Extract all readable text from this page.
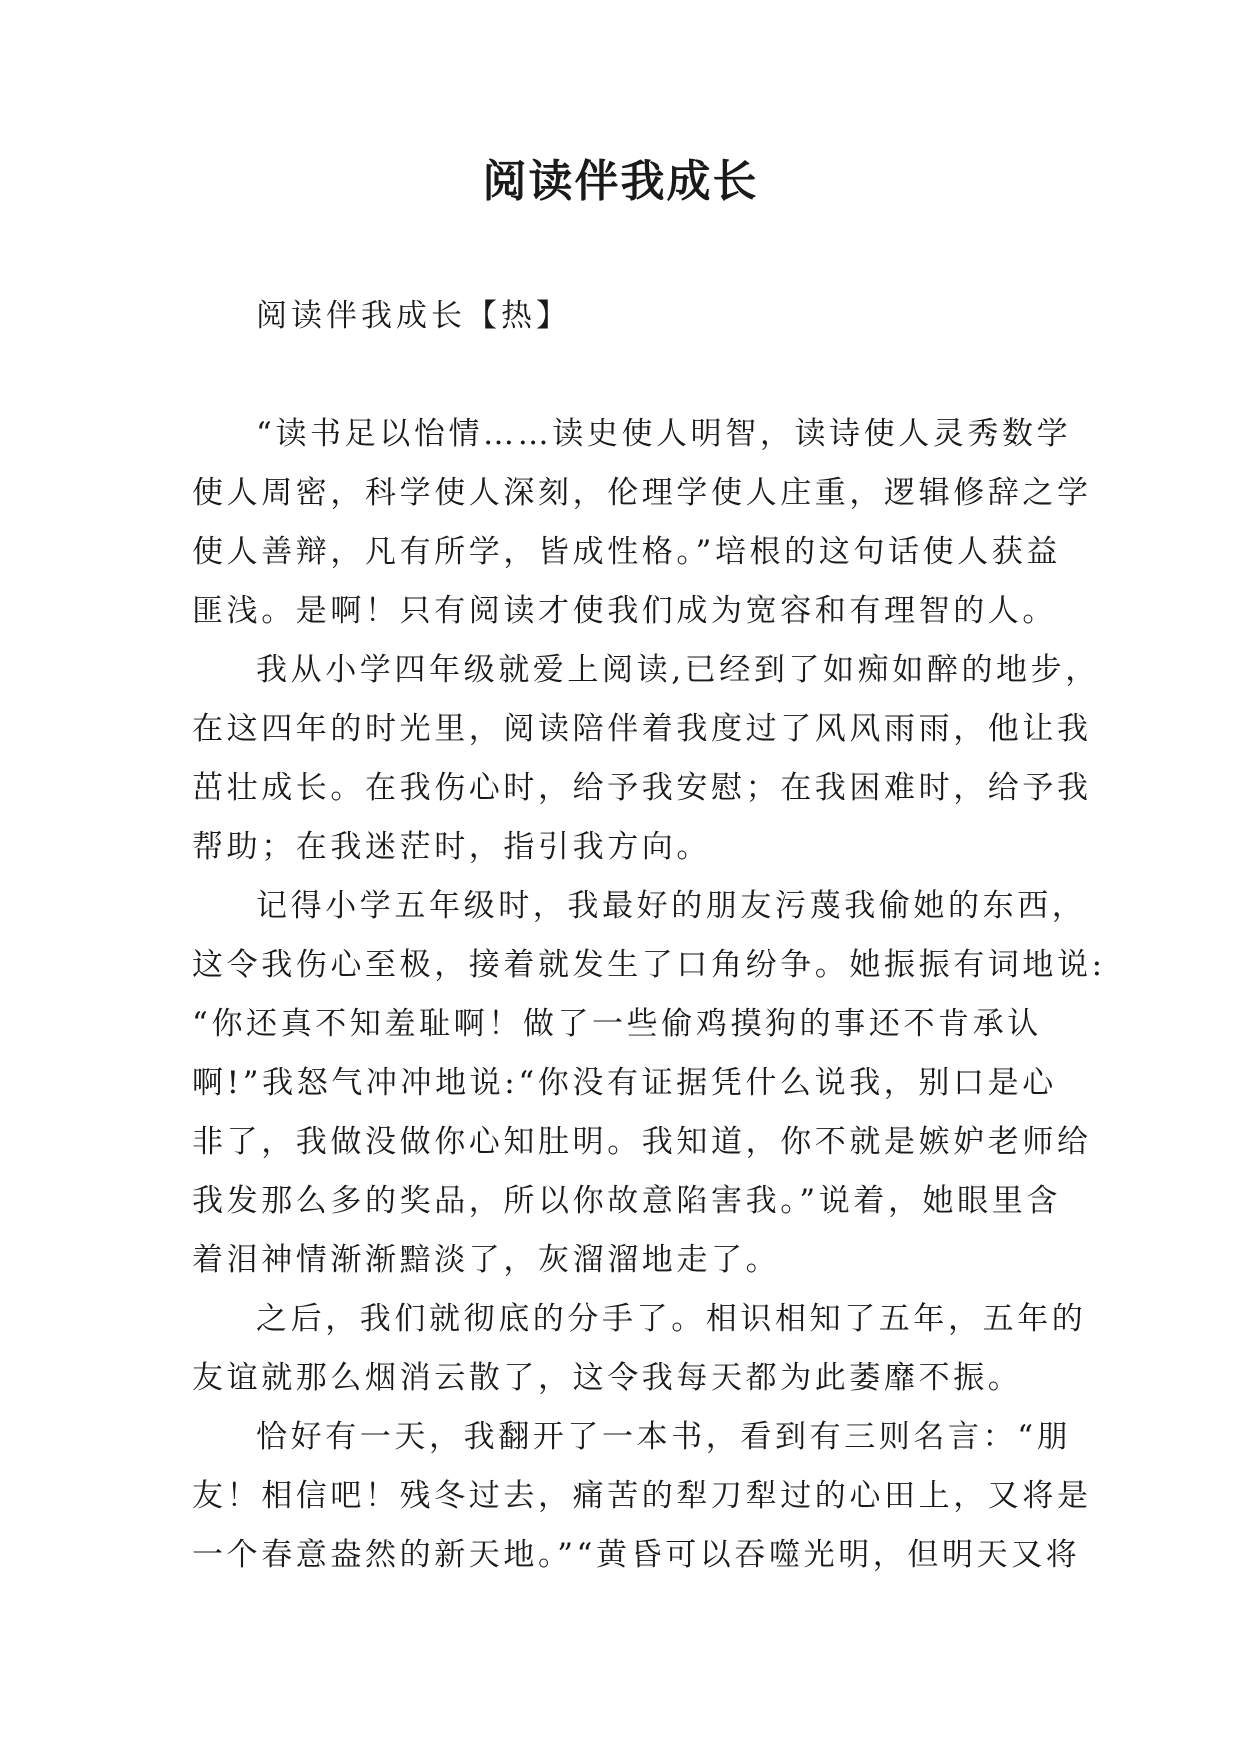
阅读伴我成长
阅读伴我成长【热】
“读书足以怡情……读史使人明智，读诗使人灵秀数学
使人周密，科学使人深刻，伦理学使人庄重，逻辑修辞之学
使人善辩，凡有所学，皆成性格。”培根的这句话使人获益
匪浅。是啊！只有阅读才使我们成为宽容和有理智的人。
我从小学四年级就爱上阅读,已经到了如痴如醉的地步，
在这四年的时光里，阅读陪伴着我度过了风风雨雨，他让我
茁壮成长。在我伤心时，给予我安慰；在我困难时，给予我
帮助；在我迷茫时，指引我方向。
记得小学五年级时，我最好的朋友污蔑我偷她的东西，
这令我伤心至极，接着就发生了口角纷争。她振振有词地说:
“你还真不知羞耻啊！做了一些偷鸡摸狗的事还不肯承认
啊!”我怒气冲冲地说:“你没有证据凭什么说我，别口是心
非了，我做没做你心知肚明。我知道，你不就是嫉妒老师给
我发那么多的奖品，所以你故意陷害我。”说着，她眼里含
着泪神情渐渐黯淡了，灰溜溜地走了。
之后，我们就彻底的分手了。相识相知了五年，五年的
友谊就那么烟消云散了，这令我每天都为此萎靡不振。
恰好有一天，我翻开了一本书，看到有三则名言：“朋
友！相信吧！残冬过去，痛苦的犁刀犁过的心田上，又将是
一个春意盎然的新天地。”“黄昏可以吞噬光明，但明天又将
